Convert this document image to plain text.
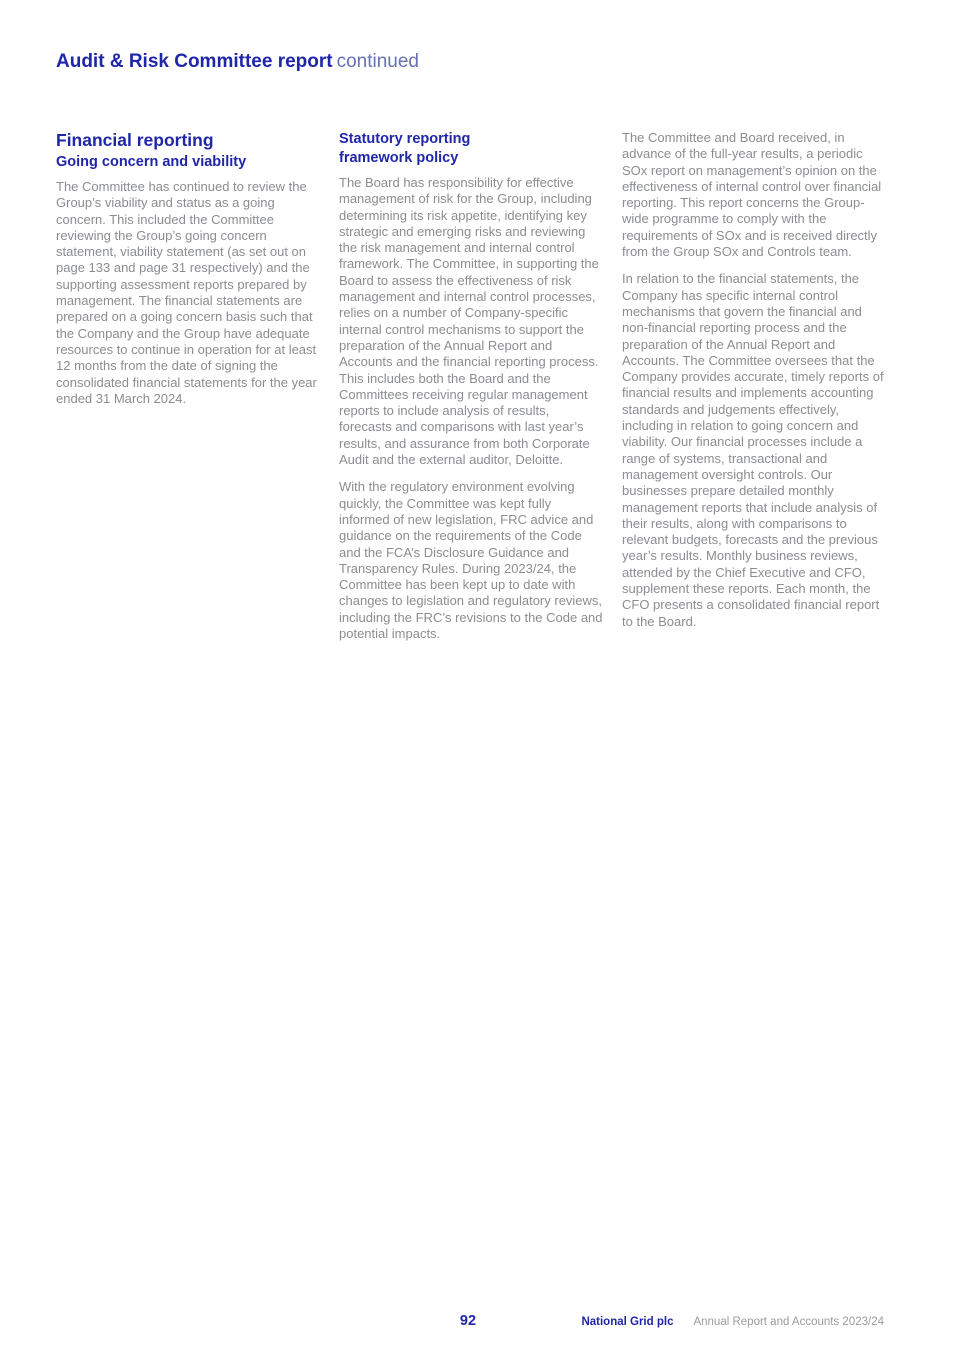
Audit & Risk Committee report continued
Financial reporting
Going concern and viability

The Committee has continued to review the Group’s viability and status as a going concern. This included the Committee reviewing the Group’s going concern statement, viability statement (as set out on page 133 and page 31 respectively) and the supporting assessment reports prepared by management. The financial statements are prepared on a going concern basis such that the Company and the Group have adequate resources to continue in operation for at least 12 months from the date of signing the consolidated financial statements for the year ended 31 March 2024.

Statutory reporting framework policy

The Board has responsibility for effective management of risk for the Group, including determining its risk appetite, identifying key strategic and emerging risks and reviewing the risk management and internal control framework. The Committee, in supporting the Board to assess the effectiveness of risk management and internal control processes, relies on a number of Company-specific internal control mechanisms to support the preparation of the Annual Report and Accounts and the financial reporting process. This includes both the Board and the Committees receiving regular management reports to include analysis of results, forecasts and comparisons with last year’s results, and assurance from both Corporate Audit and the external auditor, Deloitte.

With the regulatory environment evolving quickly, the Committee was kept fully informed of new legislation, FRC advice and guidance on the requirements of the Code and the FCA’s Disclosure Guidance and Transparency Rules. During 2023/24, the Committee has been kept up to date with changes to legislation and regulatory reviews, including the FRC’s revisions to the Code and potential impacts.

The Committee and Board received, in advance of the full-year results, a periodic SOx report on management’s opinion on the effectiveness of internal control over financial reporting. This report concerns the Group-wide programme to comply with the requirements of SOx and is received directly from the Group SOx and Controls team.

In relation to the financial statements, the Company has specific internal control mechanisms that govern the financial and non-financial reporting process and the preparation of the Annual Report and Accounts. The Committee oversees that the Company provides accurate, timely reports of financial results and implements accounting standards and judgements effectively, including in relation to going concern and viability. Our financial processes include a range of systems, transactional and management oversight controls. Our businesses prepare detailed monthly management reports that include analysis of their results, along with comparisons to relevant budgets, forecasts and the previous year’s results. Monthly business reviews, attended by the Chief Executive and CFO, supplement these reports. Each month, the CFO presents a consolidated financial report to the Board.

92	National Grid plc Annual Report and Accounts 2023/24
